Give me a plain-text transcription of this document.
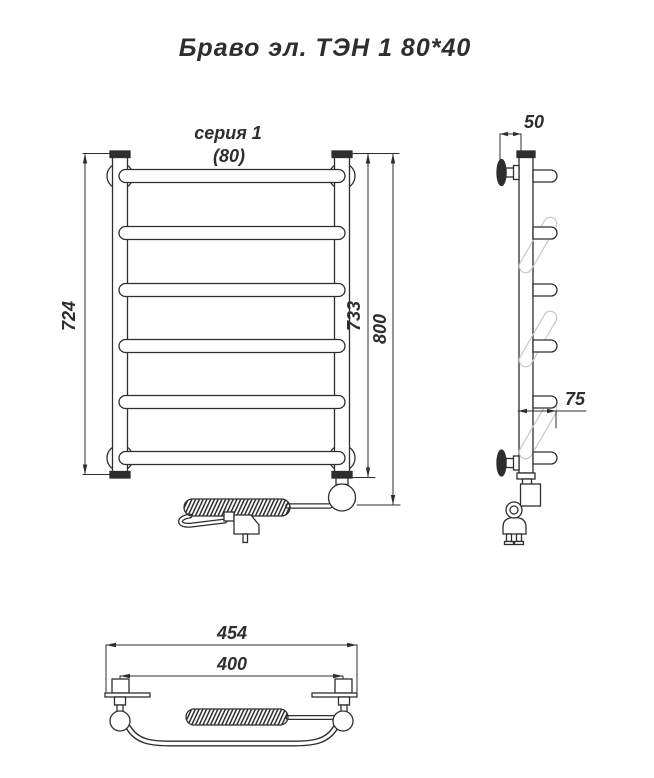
Браво эл. ТЭН 1 80*40
серия 1
(80)
724	733 800
50
75
454
400
